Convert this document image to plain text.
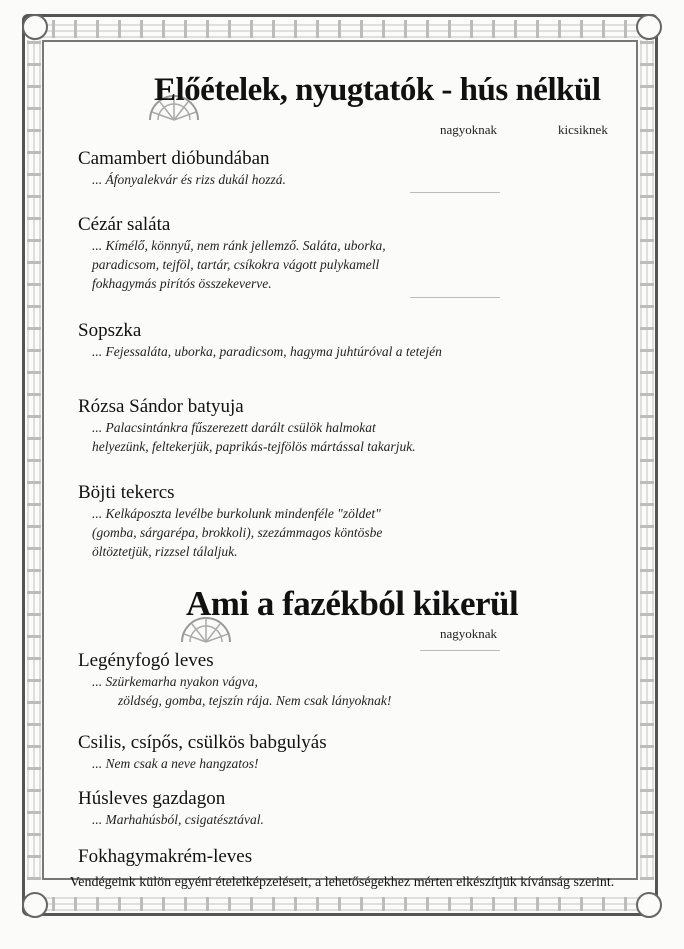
Előételek, nyugtatók - hús nélkül
nagyoknak	kicsiknek
Camambert dióbundában
... Áfonyalekvár és rizs dukál hozzá.
Cézár saláta
... Kímélő, könnyű, nem ránk jellemző. Saláta, uborka,
paradicsom, tejföl, tartár, csíkokra vágott pulykamell
fokhagymás pirítós összekeverve.
Sopszka
... Fejessaláta, uborka, paradicsom, hagyma juhtúróval a tetején
Rózsa Sándor batyuja
... Palacsintánkra fűszerezett darált csülök halmokat
helyezünk, feltekerjük, paprikás-tejfölös mártással takarjuk.
Böjti tekercs
... Kelkáposzta levélbe burkolunk mindenféle "zöldet"
(gomba, sárgarépa, brokkoli), szezámmagos köntösbe
öltöztetjük, rizzsel tálaljuk.
Ami a fazékból kikerül
nagyoknak
Legényfogó leves
... Szürkemarha nyakon vágva,
zöldség, gomba, tejszín rája. Nem csak lányoknak!
Csilis, csípős, csülkös babgulyás
... Nem csak a neve hangzatos!
Húsleves gazdagon
... Marhahúsból, csigatésztával.
Fokhagymakrém-leves
Vendégeink külön egyéni ételelképzeléseit, a lehetőségekhez mérten elkészítjük kívánság szerint.
